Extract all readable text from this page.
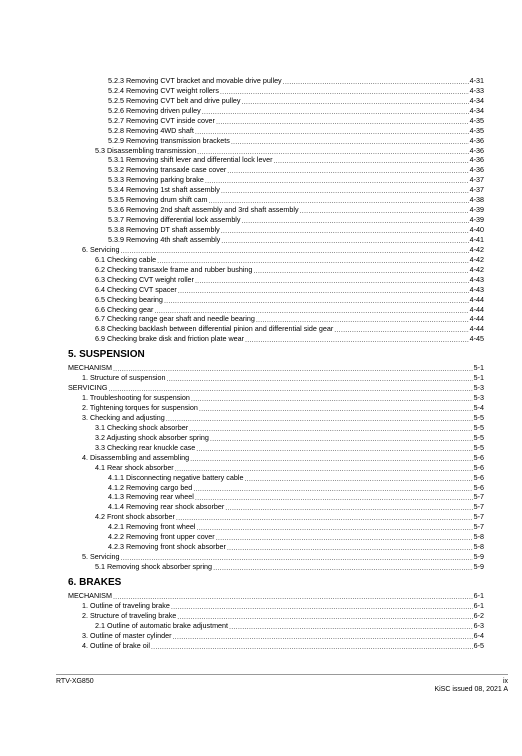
5.2.3 Removing CVT bracket and movable drive pulley .....	4-31
5.2.4 Removing CVT weight rollers .....	4-33
5.2.5 Removing CVT belt and drive pulley .....	4-34
5.2.6 Removing driven pulley .....	4-34
5.2.7 Removing CVT inside cover .....	4-35
5.2.8 Removing 4WD shaft .....	4-35
5.2.9 Removing transmission brackets .....	4-36
5.3 Disassembling transmission .....	4-36
5.3.1 Removing shift lever and differential lock lever .....	4-36
5.3.2 Removing transaxle case cover .....	4-36
5.3.3 Removing parking brake .....	4-37
5.3.4 Removing 1st shaft assembly .....	4-37
5.3.5 Removing drum shift cam .....	4-38
5.3.6 Removing 2nd shaft assembly and 3rd shaft assembly .....	4-39
5.3.7 Removing differential lock assembly .....	4-39
5.3.8 Removing DT shaft assembly .....	4-40
5.3.9 Removing 4th shaft assembly .....	4-41
6. Servicing .....	4-42
6.1 Checking cable .....	4-42
6.2 Checking transaxle frame and rubber bushing .....	4-42
6.3 Checking CVT weight roller .....	4-43
6.4 Checking CVT spacer .....	4-43
6.5 Checking bearing .....	4-44
6.6 Checking gear .....	4-44
6.7 Checking range gear shaft and needle bearing .....	4-44
6.8 Checking backlash between differential pinion and differential side gear .....	4-44
6.9 Checking brake disk and friction plate wear .....	4-45
5. SUSPENSION
MECHANISM .....	5-1
1. Structure of suspension .....	5-1
SERVICING .....	5-3
1. Troubleshooting for suspension .....	5-3
2. Tightening torques for suspension .....	5-4
3. Checking and adjusting .....	5-5
3.1 Checking shock absorber .....	5-5
3.2 Adjusting shock absorber spring .....	5-5
3.3 Checking rear knuckle case .....	5-5
4. Disassembling and assembling .....	5-6
4.1 Rear shock absorber .....	5-6
4.1.1 Disconnecting negative battery cable .....	5-6
4.1.2 Removing cargo bed .....	5-6
4.1.3 Removing rear wheel .....	5-7
4.1.4 Removing rear shock absorber .....	5-7
4.2 Front shock absorber .....	5-7
4.2.1 Removing front wheel .....	5-7
4.2.2 Removing front upper cover .....	5-8
4.2.3 Removing front shock absorber .....	5-8
5. Servicing .....	5-9
5.1 Removing shock absorber spring .....	5-9
6. BRAKES
MECHANISM .....	6-1
1. Outline of traveling brake .....	6-1
2. Structure of traveling brake .....	6-2
2.1 Outline of automatic brake adjustment .....	6-3
3. Outline of master cylinder .....	6-4
4. Outline of brake oil .....	6-5
RTV-XG850	ix
KiSC issued 08, 2021 A
